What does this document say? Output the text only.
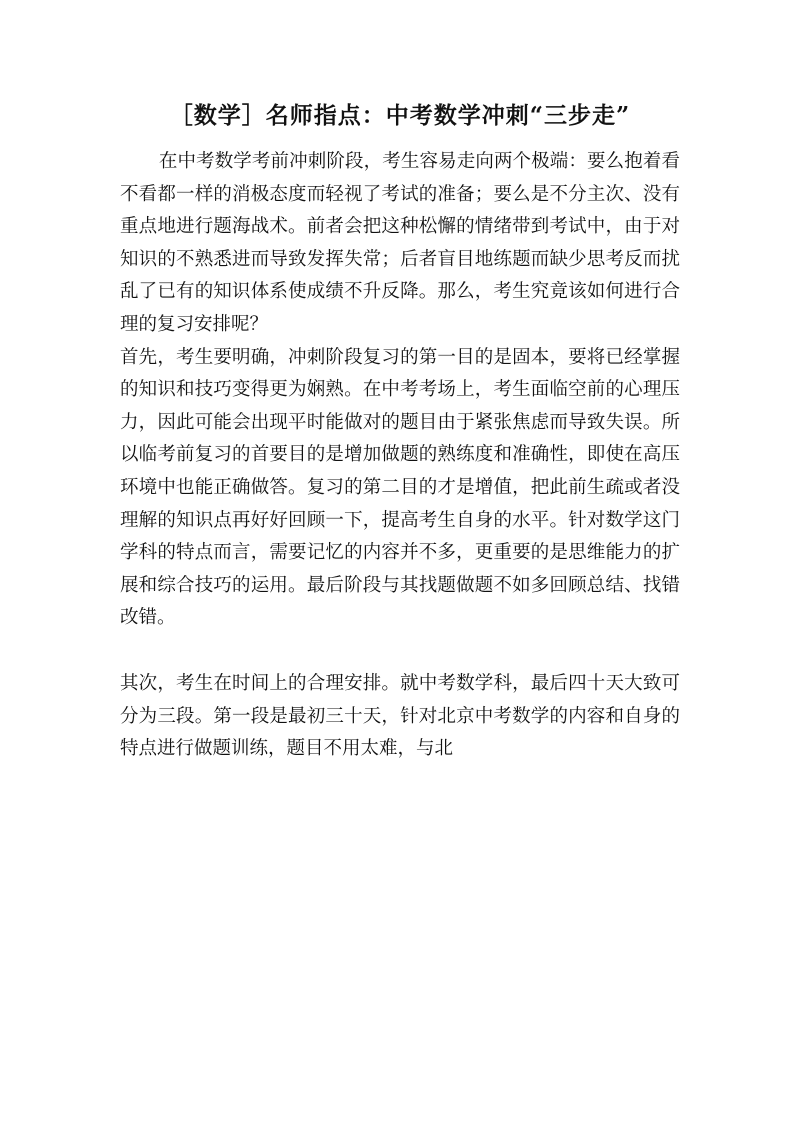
［数学］名师指点：中考数学冲刺“三步走”

在中考数学考前冲刺阶段，考生容易走向两个极端：要么抱着看不看都一样的消极态度而轻视了考试的准备；要么是不分主次、没有重点地进行题海战术。前者会把这种松懈的情绪带到考试中，由于对知识的不熟悉进而导致发挥失常；后者盲目地练题而缺少思考反而扰乱了已有的知识体系使成绩不升反降。那么，考生究竟该如何进行合理的复习安排呢？

首先，考生要明确，冲刺阶段复习的第一目的是固本，要将已经掌握的知识和技巧变得更为娴熟。在中考考场上，考生面临空前的心理压力，因此可能会出现平时能做对的题目由于紧张焦虑而导致失误。所以临考前复习的首要目的是增加做题的熟练度和准确性，即使在高压环境中也能正确做答。复习的第二目的才是增值，把此前生疏或者没理解的知识点再好好回顾一下，提高考生自身的水平。针对数学这门学科的特点而言，需要记忆的内容并不多，更重要的是思维能力的扩展和综合技巧的运用。最后阶段与其找题做题不如多回顾总结、找错改错。

其次，考生在时间上的合理安排。就中考数学科，最后四十天大致可分为三段。第一段是最初三十天，针对北京中考数学的内容和自身的特点进行做题训练，题目不用太难，与北
